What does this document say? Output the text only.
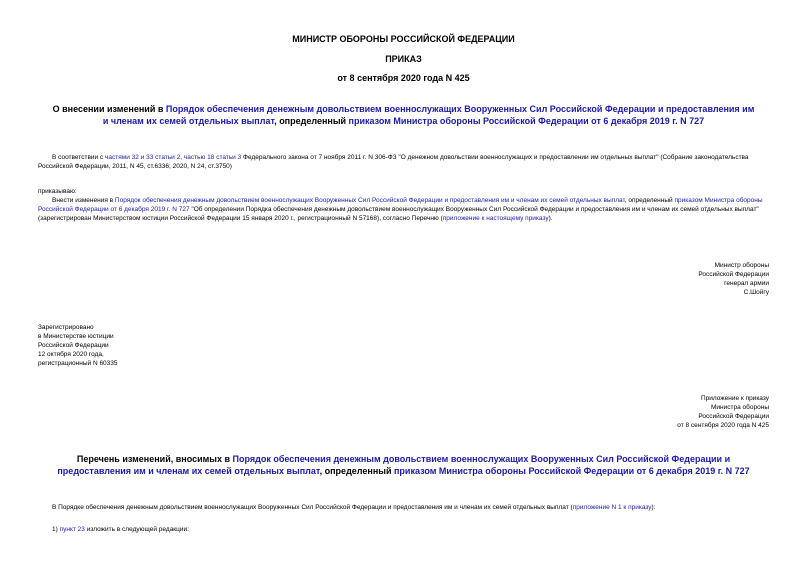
МИНИСТР ОБОРОНЫ РОССИЙСКОЙ ФЕДЕРАЦИИ
ПРИКАЗ
от 8 сентября 2020 года N 425
О внесении изменений в Порядок обеспечения денежным довольствием военнослужащих Вооруженных Сил Российской Федерации и предоставления им и членам их семей отдельных выплат, определенный приказом Министра обороны Российской Федерации от 6 декабря 2019 г. N 727
В соответствии с частями 32 и 33 статьи 2, частью 18 статьи 3 Федерального закона от 7 ноября 2011 г. N 306-ФЗ "О денежном довольствии военнослужащих и предоставлении им отдельных выплат" (Собрание законодательства Российской Федерации, 2011, N 45, ст.6336; 2020, N 24, ст.3750)
приказываю:
Внести изменения в Порядок обеспечения денежным довольствием военнослужащих Вооруженных Сил Российской Федерации и предоставления им и членам их семей отдельных выплат, определенный приказом Министра обороны Российской Федерации от 6 декабря 2019 г. N 727 "Об определении Порядка обеспечения денежным довольствием военнослужащих Вооруженных Сил Российской Федерации и предоставления им и членам их семей отдельных выплат" (зарегистрирован Министерством юстиции Российской Федерации 15 января 2020 г., регистрационный N 57168), согласно Перечню (приложение к настоящему приказу).
Министр обороны
Российской Федерации
генерал армии
С.Шойгу
Зарегистрировано
в Министерстве юстиции
Российской Федерации
12 октября 2020 года,
регистрационный N 60335
Приложение к приказу
Министра обороны
Российской Федерации
от 8 сентября 2020 года N 425
Перечень изменений, вносимых в Порядок обеспечения денежным довольствием военнослужащих Вооруженных Сил Российской Федерации и предоставления им и членам их семей отдельных выплат, определенный приказом Министра обороны Российской Федерации от 6 декабря 2019 г. N 727
В Порядке обеспечения денежным довольствием военнослужащих Вооруженных Сил Российской Федерации и предоставления им и членам их семей отдельных выплат (приложение N 1 к приказу):
1) пункт 23 изложить в следующей редакции:
